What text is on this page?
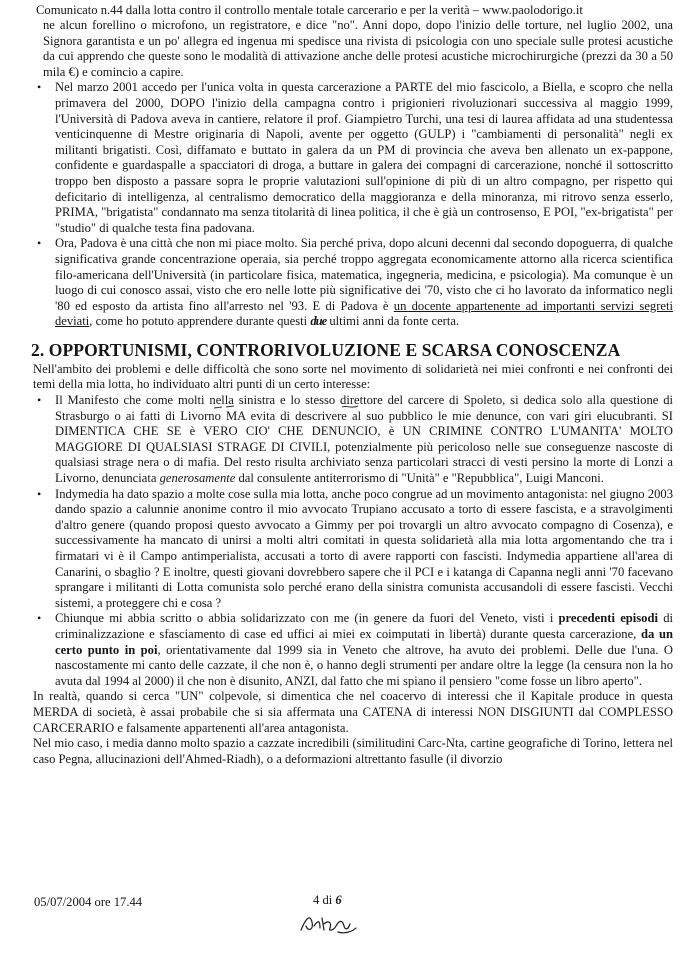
Comunicato n.44 dalla lotta contro il controllo mentale totale carcerario e per la verità – www.paolodorigo.it

ne alcun forellino o microfono, un registratore, e dice "no". Anni dopo, dopo l'inizio delle torture, nel luglio 2002, una Signora garantista e un po' allegra ed ingenua mi spedisce una rivista di psicologia con uno speciale sulle protesi acustiche da cui apprendo che queste sono le modalità di attivazione anche delle protesi acustiche microchirurgiche (prezzi da 30 a 50 mila €) e comincio a capire.

• Nel marzo 2001 accedo per l'unica volta in questa carcerazione a PARTE del mio fascicolo, a Biella, e scopro che nella primavera del 2000, DOPO l'inizio della campagna contro i prigionieri rivoluzionari successiva al maggio 1999, l'Università di Padova aveva in cantiere, relatore il prof. Giampietro Turchi, una tesi di laurea affidata ad una studentessa venticinquenne di Mestre originaria di Napoli, avente per oggetto (GULP) i "cambiamenti di personalità" negli ex militanti brigatisti. Così, diffamato e buttato in galera da un PM di provincia che aveva ben allenato un ex-pappone, confidente e guardaspalle a spacciatori di droga, a buttare in galera dei compagni di carcerazione, nonché il sottoscritto troppo ben disposto a passare sopra le proprie valutazioni sull'opinione di più di un altro compagno, per rispetto qui deficitario di intelligenza, al centralismo democratico della maggioranza e della minoranza, mi ritrovo senza esserlo, PRIMA, "brigatista" condannato ma senza titolarità di linea politica, il che è già un controsenso, E POI, "ex-brigatista" per "studio" di qualche testa fina padovana.
• Ora, Padova è una città che non mi piace molto. Sia perché priva, dopo alcuni decenni dal secondo dopoguerra, di qualche significativa grande concentrazione operaia, sia perché troppo aggregata economicamente attorno alla ricerca scientifica filo-americana dell'Università (in particolare fisica, matematica, ingegneria, medicina, e psicologia). Ma comunque è un luogo di cui conosco assai, visto che ero nelle lotte più significative dei '70, visto che ci ho lavorato da informatico negli '80 ed esposto da artista fino all'arresto nel '93. E di Padova è un docente appartenente ad importanti servizi segreti deviati, come ho potuto apprendere durante questi due ultimi anni da fonte certa.
2. OPPORTUNISMI, CONTRORIVOLUZIONE E SCARSA CONOSCENZA

Nell'ambito dei problemi e delle difficoltà che sono sorte nel movimento di solidarietà nei miei confronti e nei confronti dei temi della mia lotta, ho individuato altri punti di un certo interesse:

• Il Manifesto che come molti nella sinistra e lo stesso direttore del carcere di Spoleto, si dedica solo alla questione di Strasburgo o ai fatti di Livorno MA evita di descrivere al suo pubblico le mie denunce, con vari giri elucubranti. SI DIMENTICA CHE SE è VERO CIO' CHE DENUNCIO, è UN CRIMINE CONTRO L'UMANITA' MOLTO MAGGIORE DI QUALSIASI STRAGE DI CIVILI, potenzialmente più pericoloso nelle sue conseguenze nascoste di qualsiasi strage nera o di mafia. Del resto risulta archiviato senza particolari stracci di vesti persino la morte di Lonzi a Livorno, denunciata generosamente dal consulente antiterrorismo di "Unità" e "Repubblica", Luigi Manconi.
• Indymedia ha dato spazio a molte cose sulla mia lotta, anche poco congrue ad un movimento antagonista: nel giugno 2003 dando spazio a calunnie anonime contro il mio avvocato Trupiano accusato a torto di essere fascista, e a stravolgimenti d'altro genere (quando proposi questo avvocato a Gimmy per poi trovargli un altro avvocato compagno di Cosenza), e successivamente ha mancato di unirsi a molti altri comitati in questa solidarietà alla mia lotta argomentando che tra i firmatari vi è il Campo antimperialista, accusati a torto di avere rapporti con fascisti. Indymedia appartiene all'area di Canarini, o sbaglio ? E inoltre, questi giovani dovrebbero sapere che il PCI e i katanga di Capanna negli anni '70 facevano sprangare i militanti di Lotta comunista solo perché erano della sinistra comunista accusandoli di essere fascisti. Vecchi sistemi, a proteggere chi e cosa ?
• Chiunque mi abbia scritto o abbia solidarizzato con me (in genere da fuori del Veneto, visti i precedenti episodi di criminalizzazione e sfasciamento di case ed uffici ai miei ex coimputati in libertà) durante questa carcerazione, da un certo punto in poi, orientativamente dal 1999 sia in Veneto che altrove, ha avuto dei problemi. Delle due l'una. O nascostamente mi canto delle cazzate, il che non è, o hanno degli strumenti per andare oltre la legge (la censura non la ho avuta dal 1994 al 2000) il che non è disunito, ANZI, dal fatto che mi spiano il pensiero "come fosse un libro aperto".

In realtà, quando si cerca "UN" colpevole, si dimentica che nel coacervo di interessi che il Kapitale produce in questa MERDA di società, è assai probabile che si sia affermata una CATENA di interessi NON DISGIUNTI dal COMPLESSO CARCERARIO e falsamente appartenenti all'area antagonista.

Nel mio caso, i media danno molto spazio a cazzate incredibili (similitudini Carc-Nta, cartine geografiche di Torino, lettera nel caso Pegna, allucinazioni dell'Ahmed-Riadh), o a deformazioni altrettanto fasulle (il divorzio

05/07/2004 ore 17.44	4 di 6
